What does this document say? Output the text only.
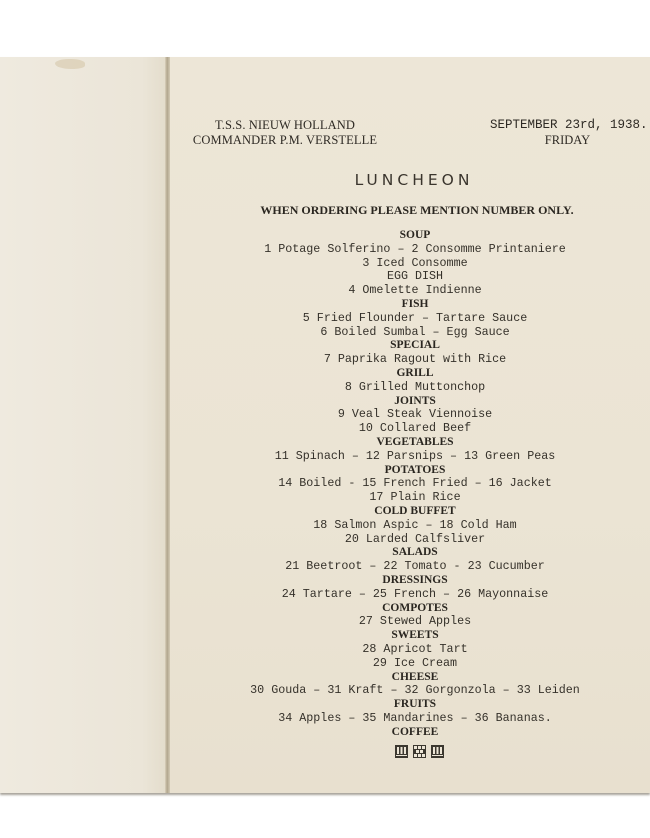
T.S.S. NIEUW HOLLAND
COMMANDER P.M. VERSTELLE
SEPTEMBER 23rd, 1938.
FRIDAY
LUNCHEON
WHEN ORDERING PLEASE MENTION NUMBER ONLY.
SOUP
1 Potage Solferino – 2 Consomme Printaniere
3 Iced Consomme
EGG DISH
4 Omelette Indienne
FISH
5 Fried Flounder – Tartare Sauce
6 Boiled Sumbal – Egg Sauce
SPECIAL
7 Paprika Ragout with Rice
GRILL
8 Grilled Muttonchop
JOINTS
9 Veal Steak Viennoise
10 Collared Beef
VEGETABLES
11 Spinach – 12 Parsnips – 13 Green Peas
POTATOES
14 Boiled - 15 French Fried – 16 Jacket
17 Plain Rice
COLD BUFFET
18 Salmon Aspic – 18 Cold Ham
20 Larded Calfsliver
SALADS
21 Beetroot – 22 Tomato - 23 Cucumber
DRESSINGS
24 Tartare – 25 French – 26 Mayonnaise
COMPOTES
27 Stewed Apples
SWEETS
28 Apricot Tart
29 Ice Cream
CHEESE
30 Gouda – 31 Kraft – 32 Gorgonzola – 33 Leiden
FRUITS
34 Apples – 35 Mandarines – 36 Bananas.
COFFEE
